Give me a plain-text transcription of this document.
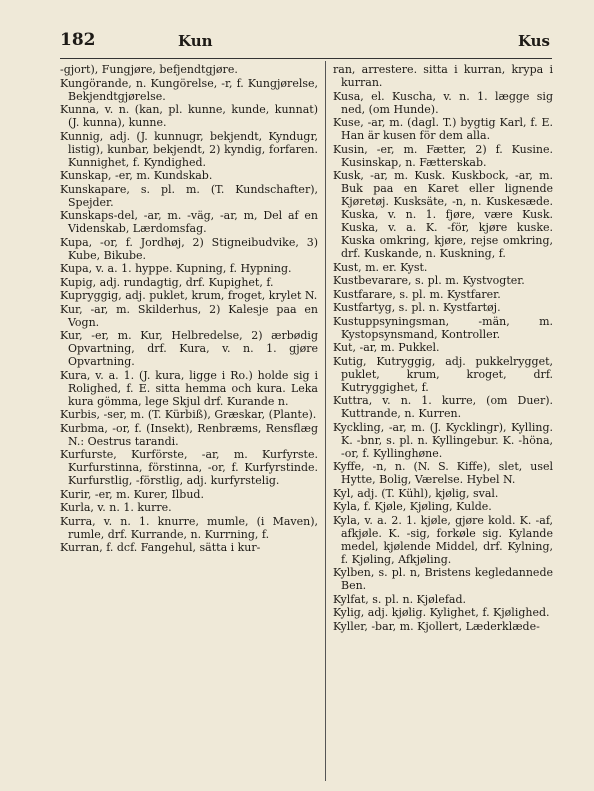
182	Kun	Kus
-gjort), Fungjøre, befjendtgjøre.
Kungörande, n. Kungörelse, -r, f. Kungjørelse, Bekjendtgjørelse.
Kunna, v. n. (kan, pl. kunne, kunde, kunnat) (J. kunna), kunne.
Kunnig, adj. (J. kunnugr, bekjendt, Kyndugr, listig), kunbar, bekjendt, 2) kyndig, forfaren. Kunnighet, f. Kyndighed.
Kunskap, -er, m. Kundskab.
Kunskapare, s. pl. m. (T. Kundschafter), Spejder.
Kunskaps-del, -ar, m. -väg, -ar, m, Del af en Videnskab, Lærdomsfag.
Kupa, -or, f. Jordhøj, 2) Stigneibudvike, 3) Kube, Bikube.
Kupa, v. a. 1. hyppe. Kupning, f. Hypning.
Kupig, adj. rundagtig, drf. Kupighet, f.
Kupryggig, adj. puklet, krum, froget, krylet N.
Kur, -ar, m. Skilderhus, 2) Kalesje paa en Vogn.
Kur, -er, m. Kur, Helbredelse, 2) ærbødig Opvartning, drf. Kura, v. n. 1. gjøre Opvartning.
Kura, v. a. 1. (J. kura, ligge i Ro.) holde sig i Rolighed, f. E. sitta hemma och kura. Leka kura gömma, lege Skjul drf. Kurande n.
Kurbis, -ser, m. (T. Kürbiß), Græskar, (Plante).
Kurbma, -or, f. (Insekt), Renbræms, Rensflæg N.: Oestrus tarandi.
Kurfurste, Kurförste, -ar, m. Kurfyrste. Kurfurstinna, förstinna, -or, f. Kurfyrstinde. Kurfurstlig, -förstlig, adj. kurfyrstelig.
Kurir, -er, m. Kurer, Ilbud.
Kurla, v. n. 1. kurre.
Kurra, v. n. 1. knurre, mumle, (i Maven), rumle, drf. Kurrande, n. Kurrning, f.
Kurran, f. dcf. Fangehul, sätta i kur-
ran, arrestere. sitta i kurran, krypa i kurran.
Kusa, el. Kuscha, v. n. 1. lægge sig ned, (om Hunde).
Kuse, -ar, m. (dagl. T.) bygtig Karl, f. E. Han är kusen för dem alla.
Kusin, -er, m. Fætter, 2) f. Kusine. Kusinskap, n. Fætterskab.
Kusk, -ar, m. Kusk. Kuskbock, -ar, m. Buk paa en Karet eller lignende Kjøretøj. Kusksäte, -n, n. Kuskesæde. Kuska, v. n. 1. fjøre, være Kusk. Kuska, v. a. K. -för, kjøre kuske. Kuska omkring, kjøre, rejse omkring, drf. Kuskande, n. Kuskning, f.
Kust, m. er. Kyst.
Kustbevarare, s. pl. m. Kystvogter.
Kustfarare, s. pl. m. Kystfarer.
Kustfartyg, s. pl. n. Kystfartøj.
Kustuppsyningsman, -män, m. Kystopsynsmand, Kontroller.
Kut, -ar, m. Pukkel.
Kutig, Kutryggig, adj. pukkelrygget, puklet, krum, kroget, drf. Kutryggighet, f.
Kuttra, v. n. 1. kurre, (om Duer). Kuttrande, n. Kurren.
Kyckling, -ar, m. (J. Kycklingr), Kylling. K. -bnr, s. pl. n. Kyllingebur. K. -höna, -or, f. Kyllinghøne.
Kyffe, -n, n. (N. S. Kiffe), slet, usel Hytte, Bolig, Værelse. Hybel N.
Kyl, adj. (T. Kühl), kjølig, sval.
Kyla, f. Kjøle, Kjøling, Kulde.
Kyla, v. a. 2. 1. kjøle, gjøre kold. K. -af, afkjøle. K. -sig, forkøle sig. Kylande medel, kjølende Middel, drf. Kylning, f. Kjøling, Afkjøling.
Kylben, s. pl. n, Bristens kegledannede Ben.
Kylfat, s. pl. n. Kjølefad.
Kylig, adj. kjølig. Kylighet, f. Kjølighed.
Kyller, -bar, m. Kjollert, Læderklæde-
